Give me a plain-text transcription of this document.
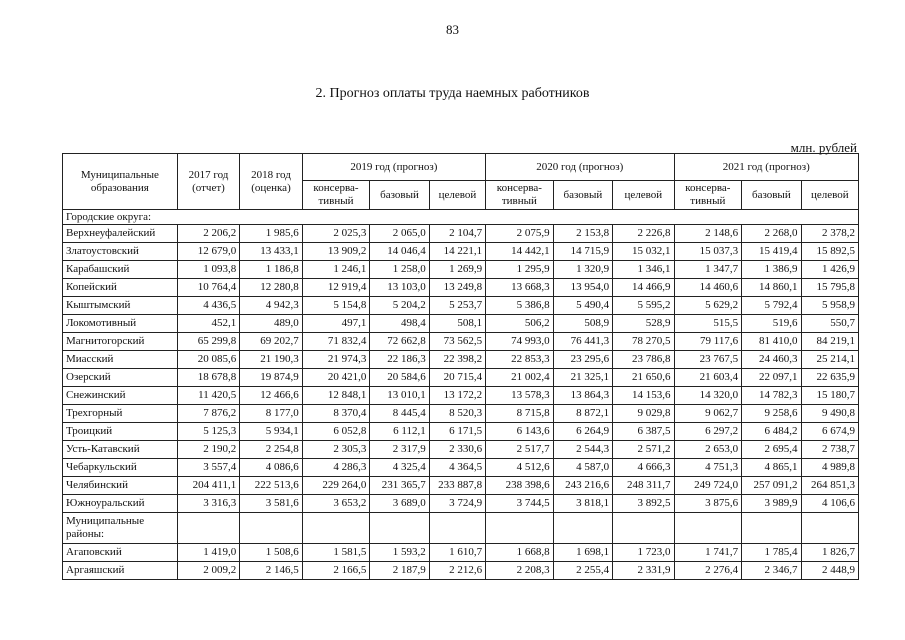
83
2. Прогноз оплаты труда наемных работников
млн. рублей
Муниципальные образования	2017 год (отчет)	2018 год (оценка)	2019 год (прогноз)			2020 год (прогноз)			2021 год (прогноз)		
			консерва-тивный	базовый	целевой	консерва-тивный	базовый	целевой	консерва-тивный	базовый	целевой
Городские округа:											
Верхнеуфалейский	2 206,2	1 985,6	2 025,3	2 065,0	2 104,7	2 075,9	2 153,8	2 226,8	2 148,6	2 268,0	2 378,2
Златоустовский	12 679,0	13 433,1	13 909,2	14 046,4	14 221,1	14 442,1	14 715,9	15 032,1	15 037,3	15 419,4	15 892,5
Карабашский	1 093,8	1 186,8	1 246,1	1 258,0	1 269,9	1 295,9	1 320,9	1 346,1	1 347,7	1 386,9	1 426,9
Копейский	10 764,4	12 280,8	12 919,4	13 103,0	13 249,8	13 668,3	13 954,0	14 466,9	14 460,6	14 860,1	15 795,8
Кыштымский	4 436,5	4 942,3	5 154,8	5 204,2	5 253,7	5 386,8	5 490,4	5 595,2	5 629,2	5 792,4	5 958,9
Локомотивный	452,1	489,0	497,1	498,4	508,1	506,2	508,9	528,9	515,5	519,6	550,7
Магнитогорский	65 299,8	69 202,7	71 832,4	72 662,8	73 562,5	74 993,0	76 441,3	78 270,5	79 117,6	81 410,0	84 219,1
Миасский	20 085,6	21 190,3	21 974,3	22 186,3	22 398,2	22 853,3	23 295,6	23 786,8	23 767,5	24 460,3	25 214,1
Озерский	18 678,8	19 874,9	20 421,0	20 584,6	20 715,4	21 002,4	21 325,1	21 650,6	21 603,4	22 097,1	22 635,9
Снежинский	11 420,5	12 466,6	12 848,1	13 010,1	13 172,2	13 578,3	13 864,3	14 153,6	14 320,0	14 782,3	15 180,7
Трехгорный	7 876,2	8 177,0	8 370,4	8 445,4	8 520,3	8 715,8	8 872,1	9 029,8	9 062,7	9 258,6	9 490,8
Троицкий	5 125,3	5 934,1	6 052,8	6 112,1	6 171,5	6 143,6	6 264,9	6 387,5	6 297,2	6 484,2	6 674,9
Усть-Катавский	2 190,2	2 254,8	2 305,3	2 317,9	2 330,6	2 517,7	2 544,3	2 571,2	2 653,0	2 695,4	2 738,7
Чебаркульский	3 557,4	4 086,6	4 286,3	4 325,4	4 364,5	4 512,6	4 587,0	4 666,3	4 751,3	4 865,1	4 989,8
Челябинский	204 411,1	222 513,6	229 264,0	231 365,7	233 887,8	238 398,6	243 216,6	248 311,7	249 724,0	257 091,2	264 851,3
Южноуральский	3 316,3	3 581,6	3 653,2	3 689,0	3 724,9	3 744,5	3 818,1	3 892,5	3 875,6	3 989,9	4 106,6
Муниципальные районы:											
Агаповский	1 419,0	1 508,6	1 581,5	1 593,2	1 610,7	1 668,8	1 698,1	1 723,0	1 741,7	1 785,4	1 826,7
Аргаяшский	2 009,2	2 146,5	2 166,5	2 187,9	2 212,6	2 208,3	2 255,4	2 331,9	2 276,4	2 346,7	2 448,9
